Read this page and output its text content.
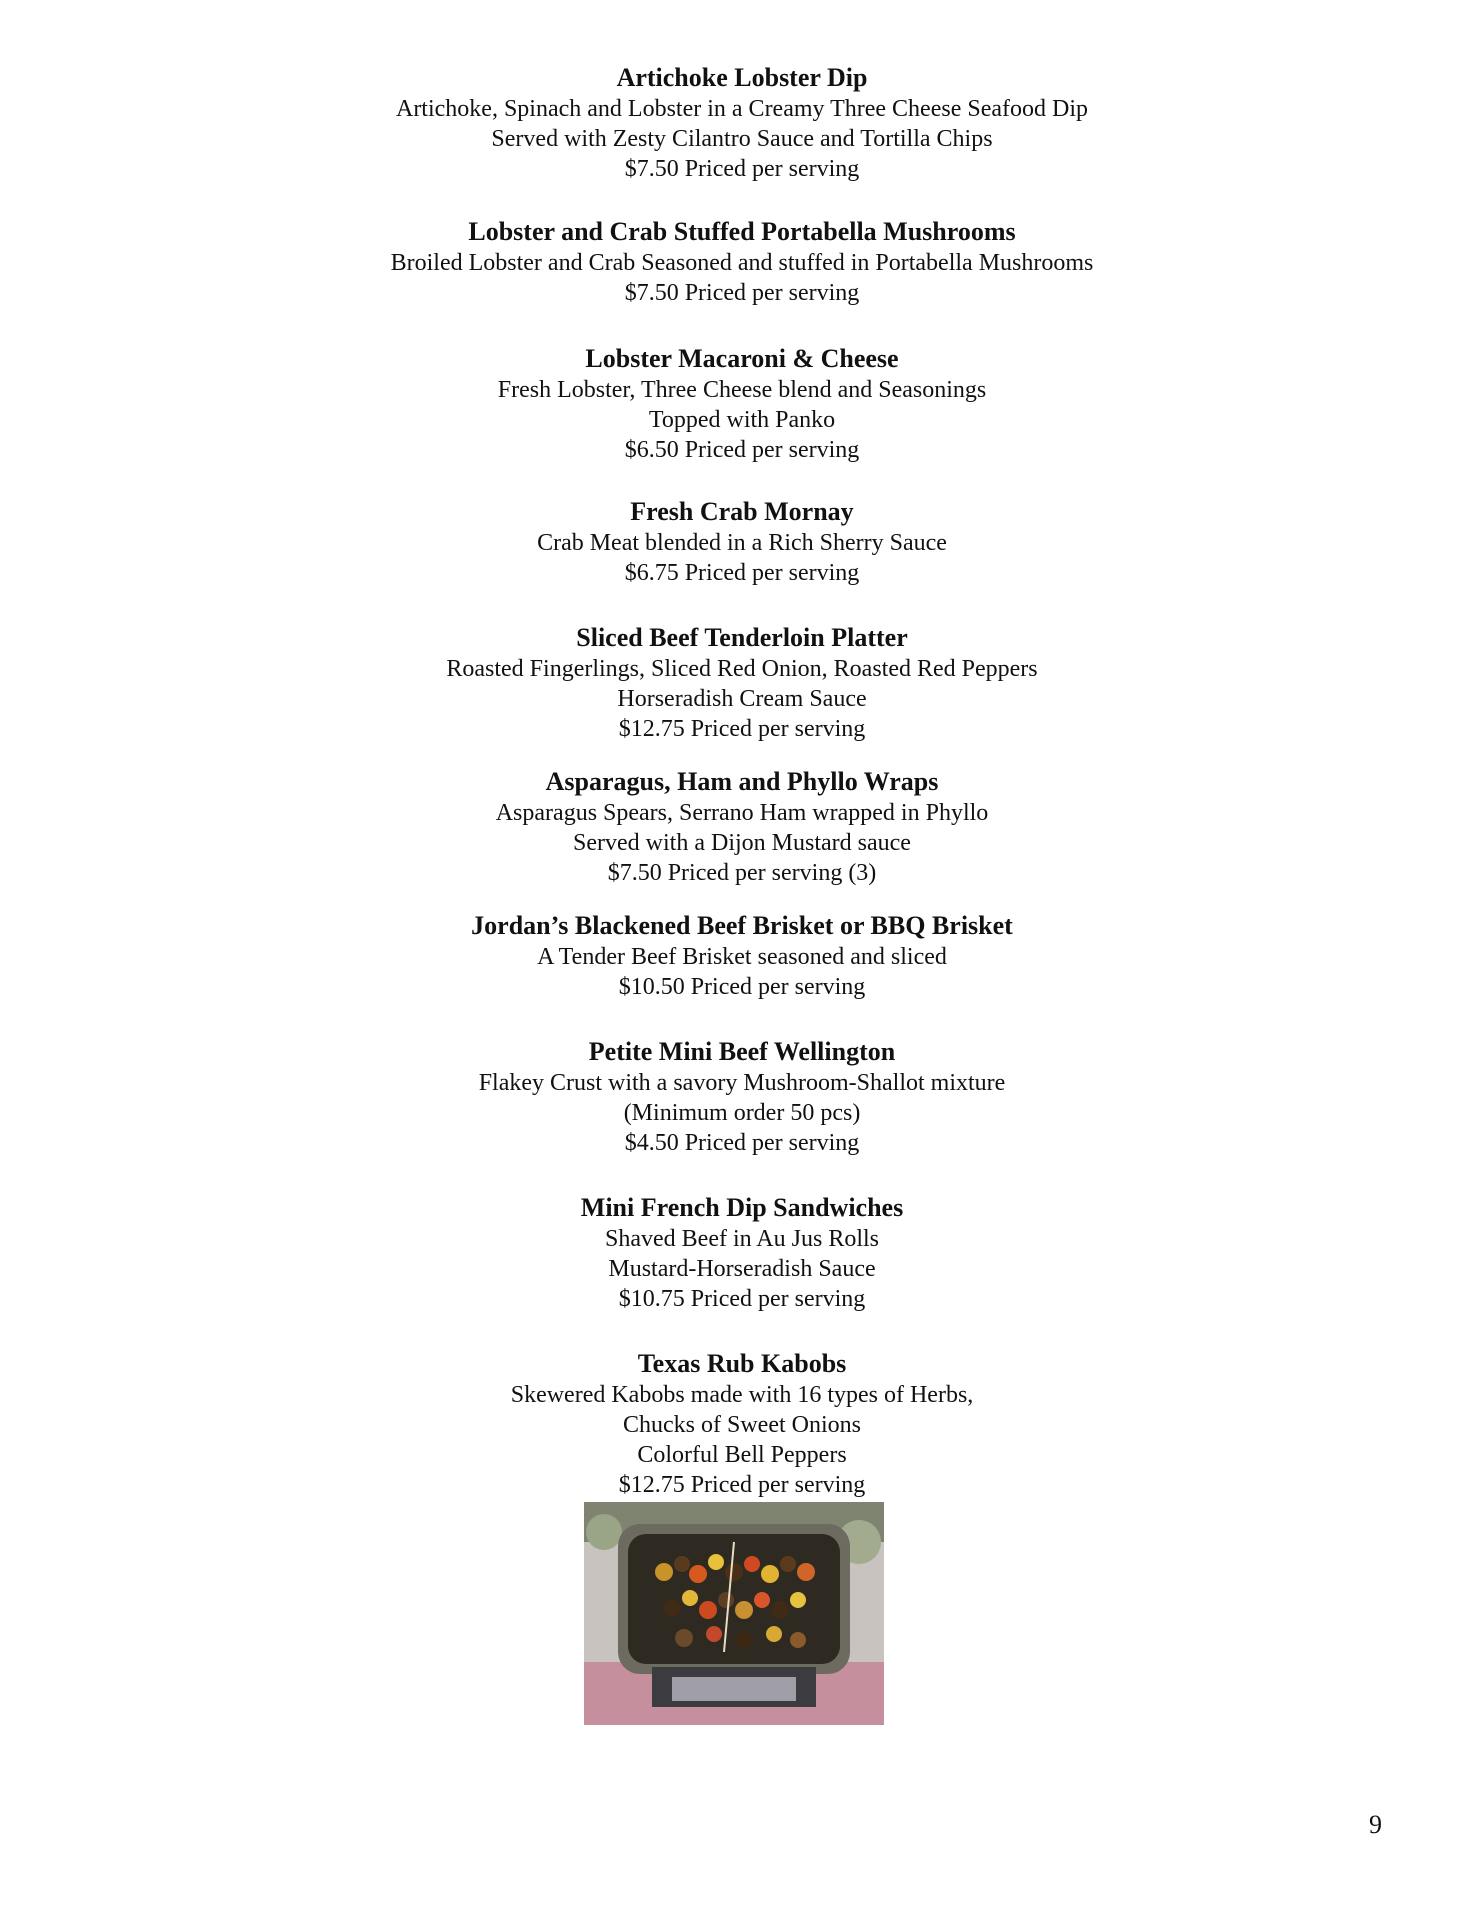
Artichoke Lobster Dip
Artichoke, Spinach and Lobster in a Creamy Three Cheese Seafood Dip
Served with Zesty Cilantro Sauce and Tortilla Chips
$7.50 Priced per serving
Lobster and Crab Stuffed Portabella Mushrooms
Broiled Lobster and Crab Seasoned and stuffed in Portabella Mushrooms
$7.50 Priced per serving
Lobster Macaroni & Cheese
Fresh Lobster, Three Cheese blend and Seasonings
Topped with Panko
$6.50 Priced per serving
Fresh Crab Mornay
Crab Meat blended in a Rich Sherry Sauce
$6.75 Priced per serving
Sliced Beef Tenderloin Platter
Roasted Fingerlings, Sliced Red Onion, Roasted Red Peppers
Horseradish Cream Sauce
$12.75 Priced per serving
Asparagus, Ham and Phyllo Wraps
Asparagus Spears, Serrano Ham wrapped in Phyllo
Served with a Dijon Mustard sauce
$7.50 Priced per serving (3)
Jordan’s Blackened Beef Brisket or BBQ Brisket
A Tender Beef Brisket seasoned and sliced
$10.50 Priced per serving
Petite Mini Beef Wellington
Flakey Crust with a savory Mushroom-Shallot mixture
(Minimum order 50 pcs)
$4.50 Priced per serving
Mini French Dip Sandwiches
Shaved Beef in Au Jus Rolls
Mustard-Horseradish Sauce
$10.75 Priced per serving
Texas Rub Kabobs
Skewered Kabobs made with 16 types of Herbs,
Chucks of Sweet Onions
Colorful Bell Peppers
$12.75 Priced per serving
9
